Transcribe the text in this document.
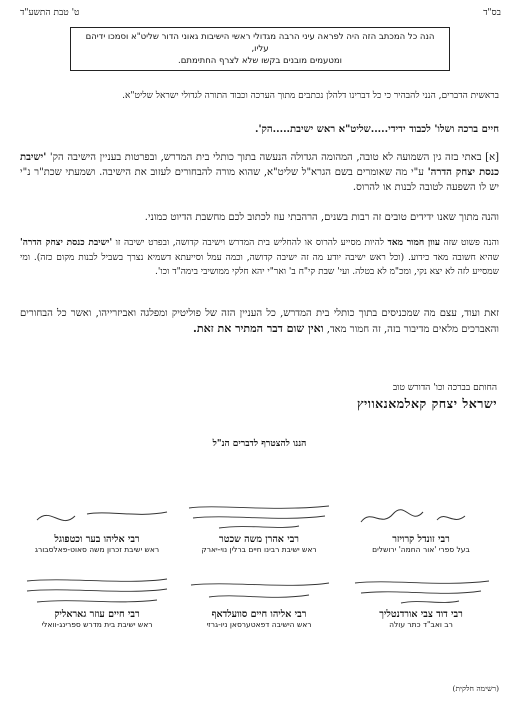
בס"ד
ט' טבת התשע"ד

הנה כל המכתב הזה היה לפראה עיני הרבה מגדולי ראשי הישיבות גאוני הדור שליט"א וסמכו ידיהם עליו,

ומטעמים מובנים בקשו שלא לצרף החתימתם.

בראשית הדברים, הנני להבהיר כי כל דברינו דלהלן נכתבים מתוך הערכה וכבוד התורה לגדולי ישראל שליט"א.
חיים ברכה ושלו' לכבוד ידידי.....שליט"א ראש ישיבת.....הק'.
[א] באתי בזה גין השמועה לא טובה, המהומה הגדולה הנעשה בתוך כותלי בית המדרש, ובפרטות בעניין הישיבה הק' 'ישיבת כנסת יצחק הדרה' ע"י מה שאומרים בשם הגרא"ל שליט"א, שהוא מורה להבחורים לעזוב את הישיבה. ושמעתי שכת"ר נ"י יש לו השפעה לטובה לבנות או להרוס.
והנה מתוך שאנו ידידים טובים זה רבות בשנים, הרהבתי עוז לכתוב לכם מחשבת הדיוט כמוני.
והנה פשוט שזה עוון חמור מאד להיות מסייע להרוס או להחליש בית המדרש וישיבה קדושה, ובפרט ישיבה זו 'ישיבת כנסת יצחק הדרה' שהיא חשובה מאד כידוע. (וכל ראש ישיבה יודע מה זה ישיבה קדושה, וכמה עמל וסייעתא דשמיא נצרך בשביל לבנות מקום כזה). ומי שמסייע לזה לא יצא נקי, ומכ"מ לא בטלה. ועי' שבת קי"ח ב' ואר"י יהא חלקי ממושיבי בימה"ד וכו'.
זאת ועוד, עצם מה שמכניסים בתוך כותלי בית המדרש, כל העניין הזה של פוליטיק ומפלגה ואביזרייהו, ואשר כל הבחורים והאברכים מלאים מדיבור בזה, זה חמור מאד, ואין שום דבר המתיר את זאת.
החותם בברכה וכו' הדורש טוב
ישראל יצחק קאלמאנאוויץ
הננו להצטרף לדברים הנ"ל
רבי זונדל קרויזר
בעל ספרי 'אור החמה' ירושלים
רבי אהרן משה שכטר
ראש ישיבת רבינו חיים ברלין נוי-יארק
רבי אליהו בער וכטפוגל
ראש ישיבת זכרון משה סאוט-פאלסבורג
רבי דוד צבי אורדנטליך
רב ואב"ד כתר עולה
רבי אליהו חיים סוועלדאף
ראש הישיבה דפאטערסאן ניו-גרזי
רבי חיים עוזר גאראליק
ראש ישיבת בית מדרש ספרינג-וואלי
(רשימה חלקית)
